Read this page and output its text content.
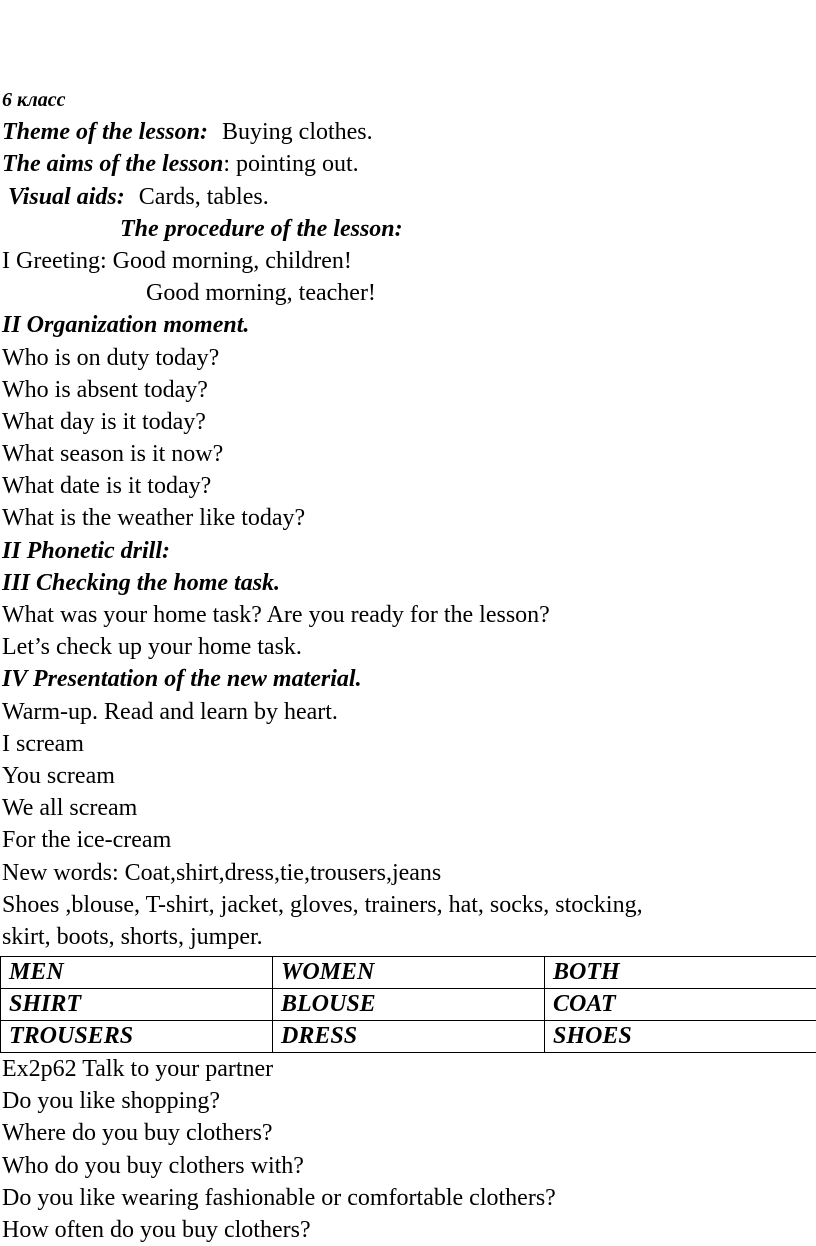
6 класс
Theme of the lesson: Buying clothes.
The aims of the lesson: pointing out.
Visual aids: Cards, tables.
The procedure of the lesson:
I Greeting: Good morning, children!
Good morning, teacher!
II Organization moment.
Who is on duty today?
Who is absent today?
What day is it today?
What season is it now?
What date is it today?
What is the weather like today?
II Phonetic drill:
III Checking the home task.
What was your home task? Are you ready for the lesson?
Let’s check up your home task.
IV Presentation of the new material.
Warm-up. Read and learn by heart.
I scream
You scream
We all scream
For the ice-cream
New words: Coat,shirt,dress,tie,trousers,jeans
Shoes ,blouse, T-shirt, jacket, gloves, trainers, hat, socks, stocking,
skirt, boots, shorts, jumper.
MEN	WOMEN	BOTH
SHIRT	BLOUSE	COAT
TROUSERS	DRESS	SHOES
Ex2p62 Talk to your partner
Do you like shopping?
Where do you buy clothers?
Who do you buy clothers with?
Do you like wearing fashionable or comfortable clothers?
How often do you buy clothers?
